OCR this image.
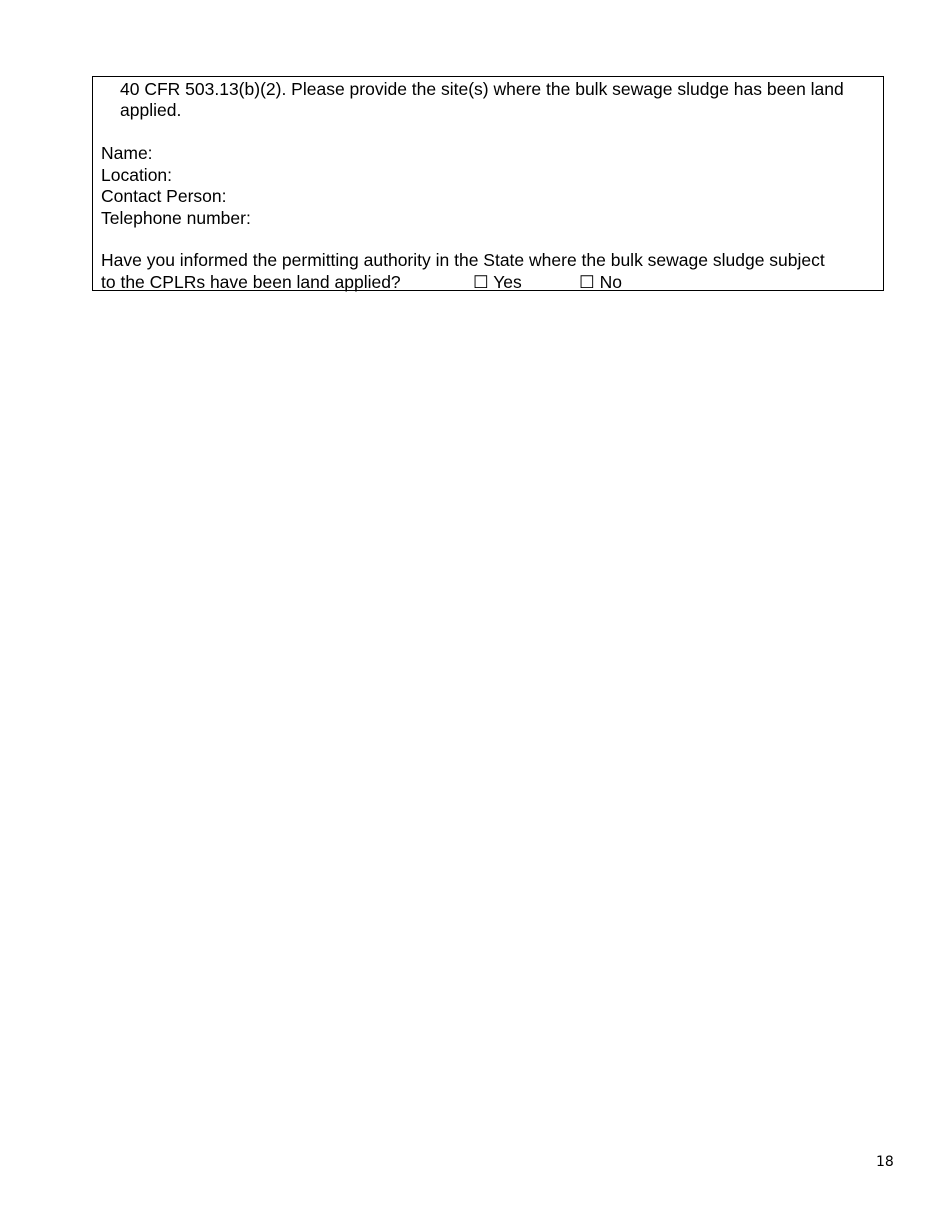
40 CFR 503.13(b)(2). Please provide the site(s) where the bulk sewage sludge has been land applied.
Name:
Location:
Contact Person:
Telephone number:
Have you informed the permitting authority in the State where the bulk sewage sludge subject
to the CPLRs have been land applied?	☐ Yes	☐ No
18
